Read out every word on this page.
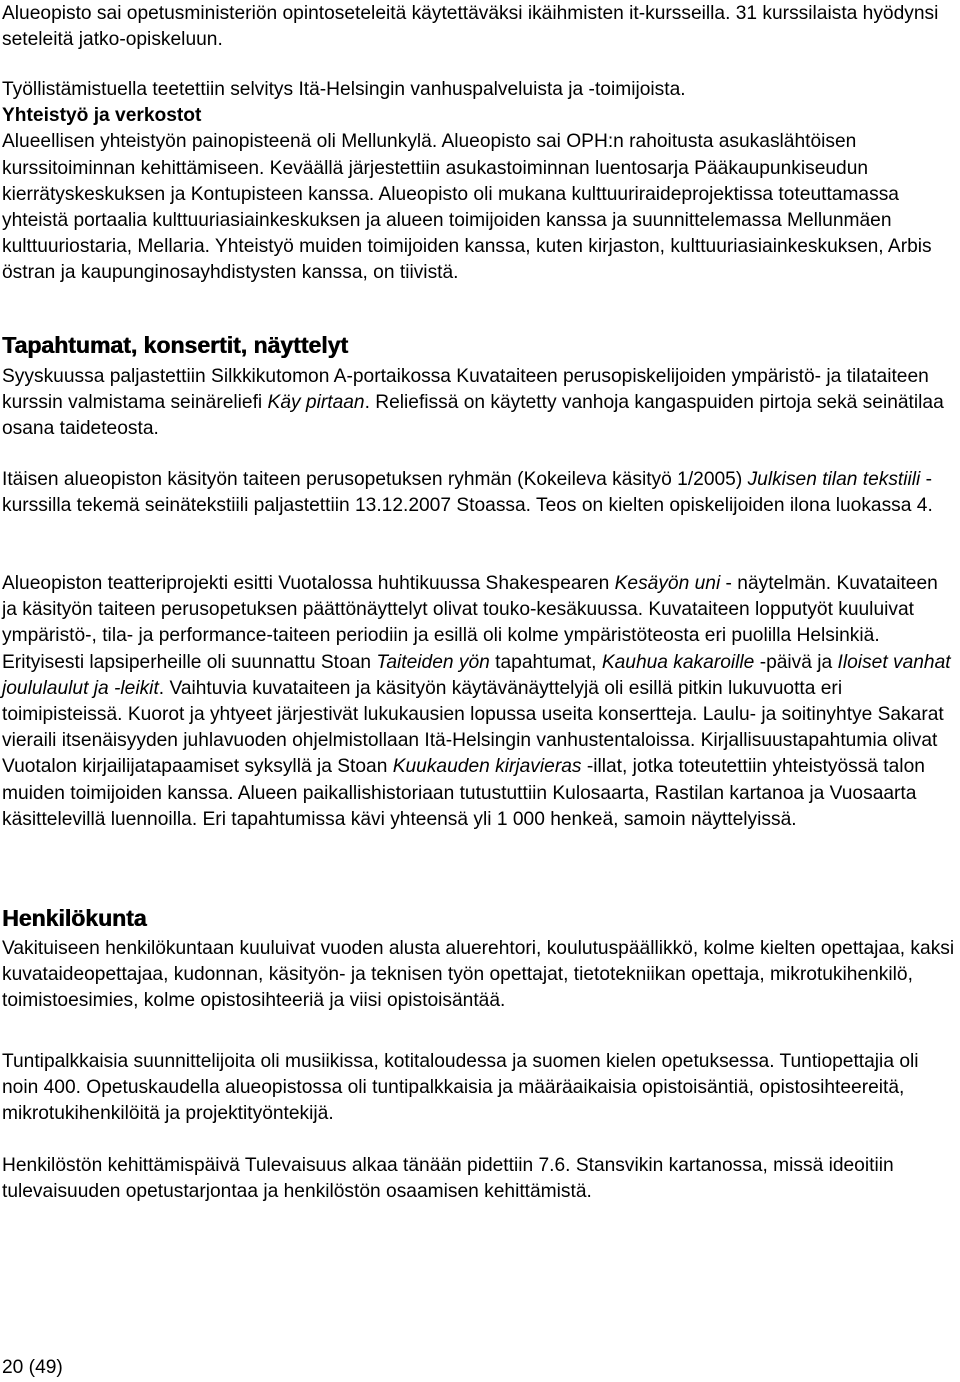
Alueopisto sai opetusministeriön opintoseteleitä käytettäväksi ikäihmisten it-kursseilla. 31 kurssilaista hyödynsi seteleitä jatko-opiskeluun.

Työllistämistuella teetettiin selvitys Itä-Helsingin vanhuspalveluista ja -toimijoista.
Yhteistyö ja verkostot
Alueellisen yhteistyön painopisteenä oli Mellunkylä. Alueopisto sai OPH:n rahoitusta asukaslähtöisen kurssitoiminnan kehittämiseen. Keväällä järjestettiin asukastoiminnan luentosarja Pääkaupunkiseudun kierrätyskeskuksen ja Kontupisteen kanssa. Alueopisto oli mukana kulttuuriraideprojektissa toteuttamassa yhteistä portaalia kulttuuriasiainkeskuksen ja alueen toimijoiden kanssa ja suunnittelemassa Mellunmäen kulttuuriostaria, Mellaria. Yhteistyö muiden toimijoiden kanssa, kuten kirjaston, kulttuuriasiainkeskuksen, Arbis östran ja kaupunginosayhdistysten kanssa, on tiivistä.

Tapahtumat, konsertit, näyttelyt

Syyskuussa paljastettiin Silkkikutomon A-portaikossa Kuvataiteen perusopiskelijoiden ympäristö- ja tilataiteen kurssin valmistama seinäreliefi Käy pirtaan. Reliefissä on käytetty vanhoja kangaspuiden pirtoja sekä seinätilaa osana taideteosta.

Itäisen alueopiston käsityön taiteen perusopetuksen ryhmän (Kokeileva käsityö 1/2005) Julkisen tilan tekstiili -kurssilla tekemä seinätekstiili paljastettiin 13.12.2007 Stoassa. Teos on kielten opiskelijoiden ilona luokassa 4.

Alueopiston teatteriprojekti esitti Vuotalossa huhtikuussa Shakespearen Kesäyön uni - näytelmän. Kuvataiteen ja käsityön taiteen perusopetuksen päättönäyttelyt olivat touko-kesäkuussa. Kuvataiteen lopputyöt kuuluivat ympäristö-, tila- ja performance-taiteen periodiin ja esillä oli kolme ympäristöteosta eri puolilla Helsinkiä. Erityisesti lapsiperheille oli suunnattu Stoan Taiteiden yön tapahtumat, Kauhua kakaroille -päivä ja Iloiset vanhat joululaulut ja -leikit. Vaihtuvia kuvataiteen ja käsityön käytävänäyttelyjä oli esillä pitkin lukuvuotta eri toimipisteissä. Kuorot ja yhtyeet järjestivät lukukausien lopussa useita konsertteja. Laulu- ja soitinyhtye Sakarat vieraili itsenäisyyden juhlavuoden ohjelmistollaan Itä-Helsingin vanhustentaloissa. Kirjallisuustapahtumia olivat Vuotalon kirjailijatapaamiset syksyllä ja Stoan Kuukauden kirjavieras -illat, jotka toteutettiin yhteistyössä talon muiden toimijoiden kanssa. Alueen paikallishistoriaan tutustuttiin Kulosaarta, Rastilan kartanoa ja Vuosaarta käsittelevillä luennoilla. Eri tapahtumissa kävi yhteensä yli 1 000 henkeä, samoin näyttelyissä.

Henkilökunta

Vakituiseen henkilökuntaan kuuluivat vuoden alusta aluerehtori, koulutuspäällikkö, kolme kielten opettajaa, kaksi kuvataideopettajaa, kudonnan, käsityön- ja teknisen työn opettajat, tietotekniikan opettaja, mikrotukihenkilö, toimistoesimies, kolme opistosihteeriä ja viisi opistoisäntää.

Tuntipalkkaisia suunnittelijoita oli musiikissa, kotitaloudessa ja suomen kielen opetuksessa. Tuntiopettajia oli noin 400. Opetuskaudella alueopistossa oli tuntipalkkaisia ja määräaikaisia opistoisäntiä, opistosihteereitä, mikrotukihenkilöitä ja projektityöntekijä.

Henkilöstön kehittämispäivä Tulevaisuus alkaa tänään pidettiin 7.6. Stansvikin kartanossa, missä ideoitiin tulevaisuuden opetustarjontaa ja henkilöstön osaamisen kehittämistä.

20 (49)
